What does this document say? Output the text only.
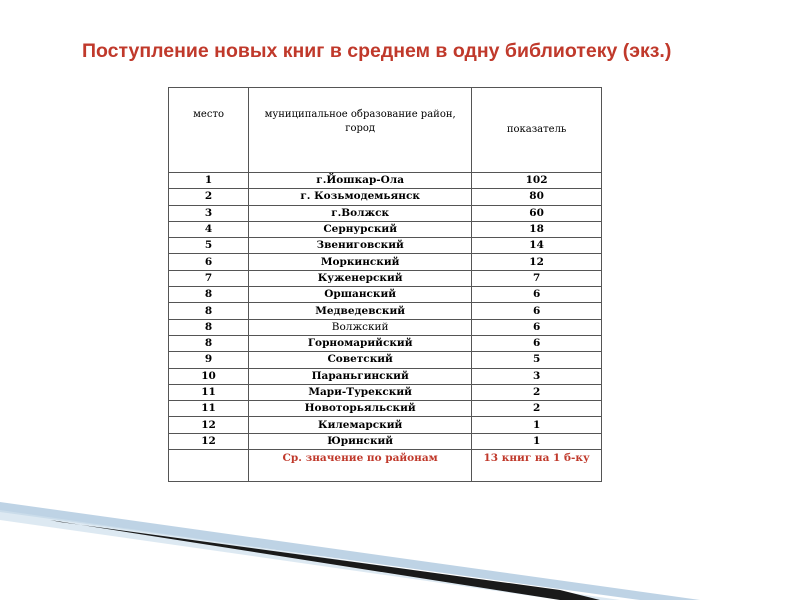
Поступление новых книг в среднем в одну библиотеку (экз.)
место	муниципальное образование район, город	показатель
1	г.Йошкар-Ола	102
2	г. Козьмодемьянск	80
3	г.Волжск	60
4	Сернурский	18
5	Звениговский	14
6	Моркинский	12
7	Куженерский	7
8	Оршанский	6
8	Медведевский	6
8	Волжский	6
8	Горномарийский	6
9	Советский	5
10	Параньгинский	3
11	Мари-Турекский	2
11	Новоторьяльский	2
12	Килемарский	1
12	Юринский	1
	Ср. значение по районам	13 книг на 1 б-ку
